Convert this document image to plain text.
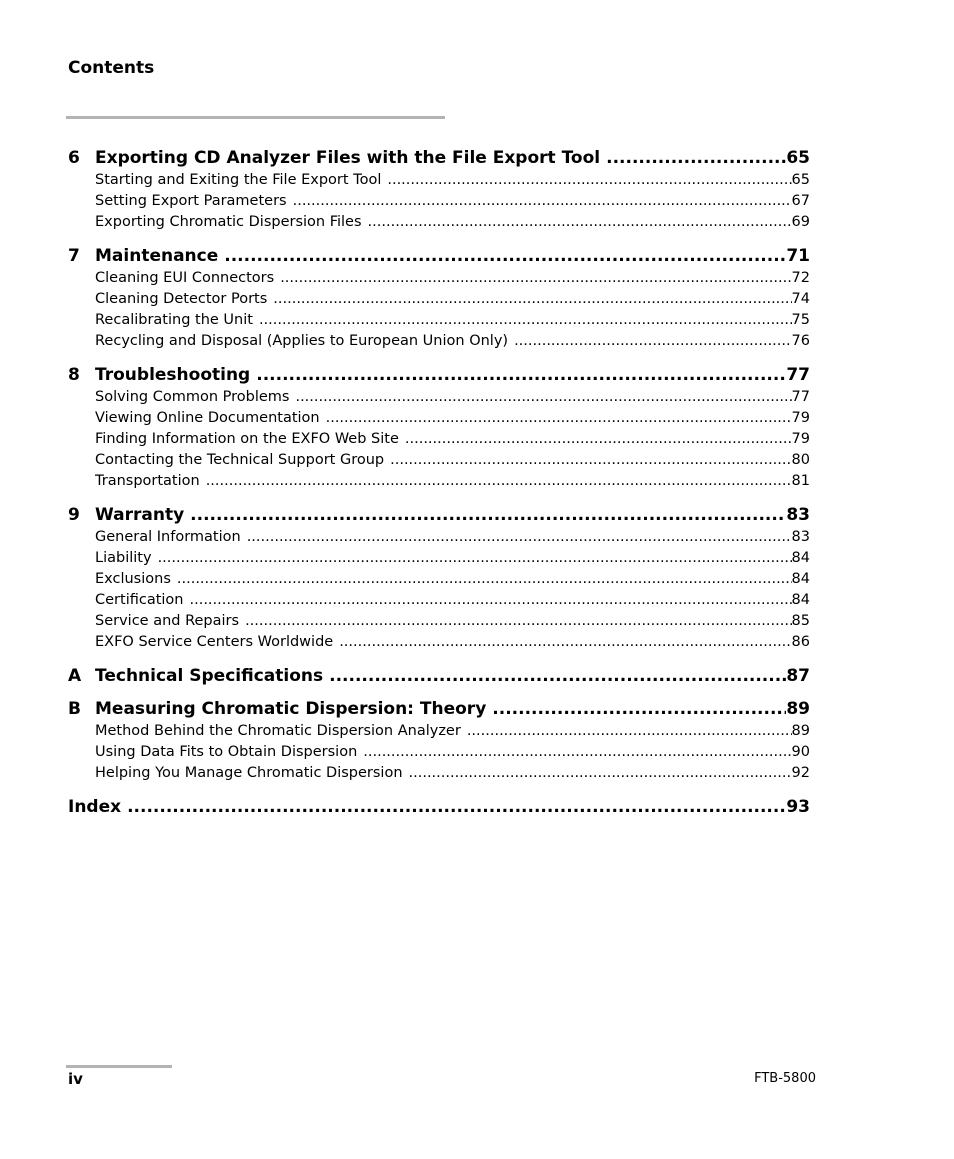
Contents
6 Exporting CD Analyzer Files with the File Export Tool .....	65
Starting and Exiting the File Export Tool .....	65
Setting Export Parameters .....	67
Exporting Chromatic Dispersion Files .....	69
7 Maintenance .....	71
Cleaning EUI Connectors .....	72
Cleaning Detector Ports .....	74
Recalibrating the Unit .....	75
Recycling and Disposal (Applies to European Union Only) .....	76
8 Troubleshooting .....	77
Solving Common Problems .....	77
Viewing Online Documentation .....	79
Finding Information on the EXFO Web Site .....	79
Contacting the Technical Support Group .....	80
Transportation .....	81
9 Warranty .....	83
General Information .....	83
Liability .....	84
Exclusions .....	84
Certification .....	84
Service and Repairs .....	85
EXFO Service Centers Worldwide .....	86
A Technical Specifications .....	87
B Measuring Chromatic Dispersion: Theory .....	89
Method Behind the Chromatic Dispersion Analyzer .....	89
Using Data Fits to Obtain Dispersion .....	90
Helping You Manage Chromatic Dispersion .....	92
Index .....	93
iv	FTB-5800
